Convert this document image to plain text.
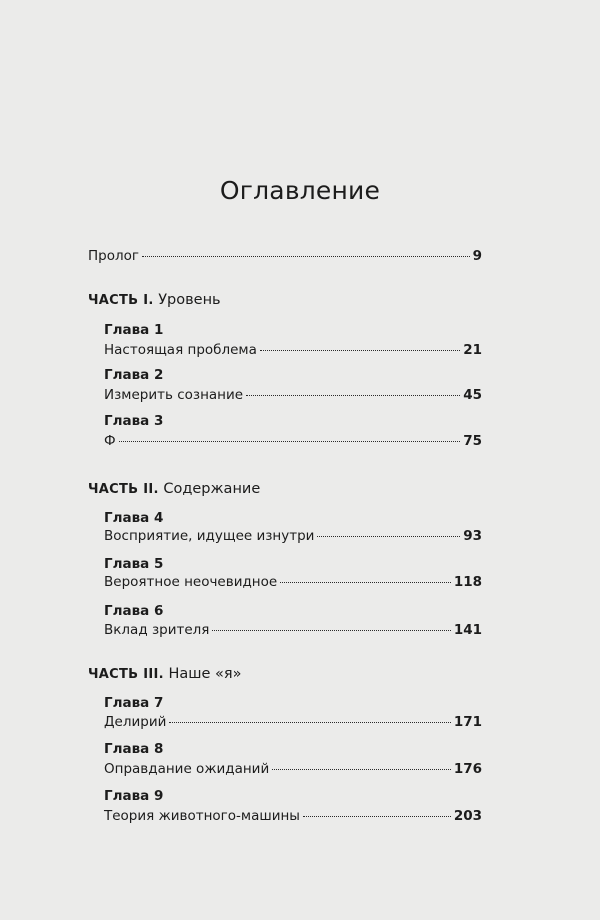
Оглавление
Пролог	9
ЧАСТЬ I. Уровень
Глава 1
Настоящая проблема	21
Глава 2
Измерить сознание	45
Глава 3
Ф	75
ЧАСТЬ II. Содержание
Глава 4
Восприятие, идущее изнутри	93
Глава 5
Вероятное неочевидное	118
Глава 6
Вклад зрителя	141
ЧАСТЬ III. Наше «я»
Глава 7
Делирий	171
Глава 8
Оправдание ожиданий	176
Глава 9
Теория животного-машины	203
